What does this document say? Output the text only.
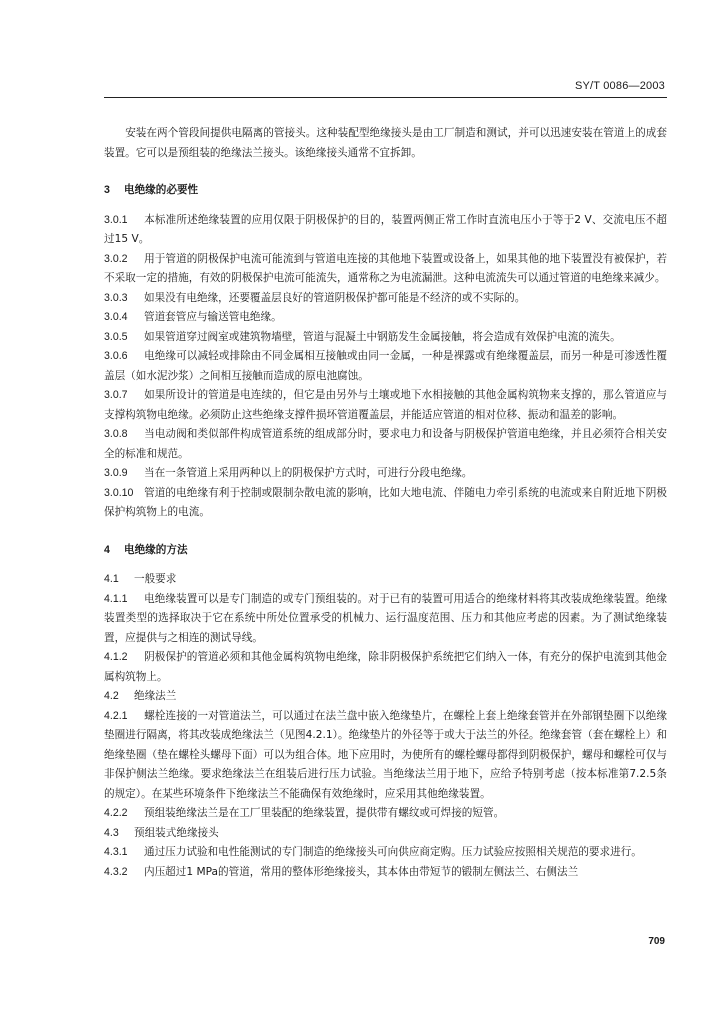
SY/T 0086—2003

安装在两个管段间提供电隔离的管接头。这种装配型绝缘接头是由工厂制造和测试，并可以迅速安装在管道上的成套装置。它可以是预组装的绝缘法兰接头。该绝缘接头通常不宜拆卸。

3 电绝缘的必要性

3.0.1 本标准所述绝缘装置的应用仅限于阴极保护的目的，装置两侧正常工作时直流电压小于等于2 V、交流电压不超过15 V。

3.0.2 用于管道的阴极保护电流可能流到与管道电连接的其他地下装置或设备上，如果其他的地下装置没有被保护，若不采取一定的措施，有效的阴极保护电流可能流失，通常称之为电流漏泄。这种电流流失可以通过管道的电绝缘来减少。

3.0.3 如果没有电绝缘，还要覆盖层良好的管道阴极保护都可能是不经济的或不实际的。

3.0.4 管道套管应与输送管电绝缘。

3.0.5 如果管道穿过阀室或建筑物墙壁，管道与混凝土中钢筋发生金属接触，将会造成有效保护电流的流失。

3.0.6 电绝缘可以减轻或排除由不同金属相互接触或由同一金属，一种是裸露或有绝缘覆盖层，而另一种是可渗透性覆盖层（如水泥沙浆）之间相互接触而造成的原电池腐蚀。

3.0.7 如果所设计的管道是电连续的，但它是由另外与土壤或地下水相接触的其他金属构筑物来支撑的，那么管道应与支撑构筑物电绝缘。必须防止这些绝缘支撑件损坏管道覆盖层，并能适应管道的相对位移、振动和温差的影响。

3.0.8 当电动阀和类似部件构成管道系统的组成部分时，要求电力和设备与阴极保护管道电绝缘，并且必须符合相关安全的标准和规范。

3.0.9 当在一条管道上采用两种以上的阴极保护方式时，可进行分段电绝缘。

3.0.10 管道的电绝缘有利于控制或限制杂散电流的影响，比如大地电流、伴随电力牵引系统的电流或来自附近地下阴极保护构筑物上的电流。

4 电绝缘的方法

4.1 一般要求

4.1.1 电绝缘装置可以是专门制造的或专门预组装的。对于已有的装置可用适合的绝缘材料将其改装成绝缘装置。绝缘装置类型的选择取决于它在系统中所处位置承受的机械力、运行温度范围、压力和其他应考虑的因素。为了测试绝缘装置，应提供与之相连的测试导线。

4.1.2 阴极保护的管道必须和其他金属构筑物电绝缘，除非阴极保护系统把它们纳入一体，有充分的保护电流到其他金属构筑物上。

4.2 绝缘法兰

4.2.1 螺栓连接的一对管道法兰，可以通过在法兰盘中嵌入绝缘垫片，在螺栓上套上绝缘套管并在外部钢垫圈下以绝缘垫圈进行隔离，将其改装成绝缘法兰（见图4.2.1）。绝缘垫片的外径等于或大于法兰的外径。绝缘套管（套在螺栓上）和绝缘垫圈（垫在螺栓头螺母下面）可以为组合体。地下应用时，为使所有的螺栓螺母都得到阴极保护，螺母和螺栓可仅与非保护侧法兰绝缘。要求绝缘法兰在组装后进行压力试验。当绝缘法兰用于地下，应给予特别考虑（按本标准第7.2.5条的规定）。在某些环境条件下绝缘法兰不能确保有效绝缘时，应采用其他绝缘装置。

4.2.2 预组装绝缘法兰是在工厂里装配的绝缘装置，提供带有螺纹或可焊接的短管。

4.3 预组装式绝缘接头

4.3.1 通过压力试验和电性能测试的专门制造的绝缘接头可向供应商定购。压力试验应按照相关规范的要求进行。

4.3.2 内压超过1 MPa的管道，常用的整体形绝缘接头，其本体由带短节的锻制左侧法兰、右侧法兰

709
